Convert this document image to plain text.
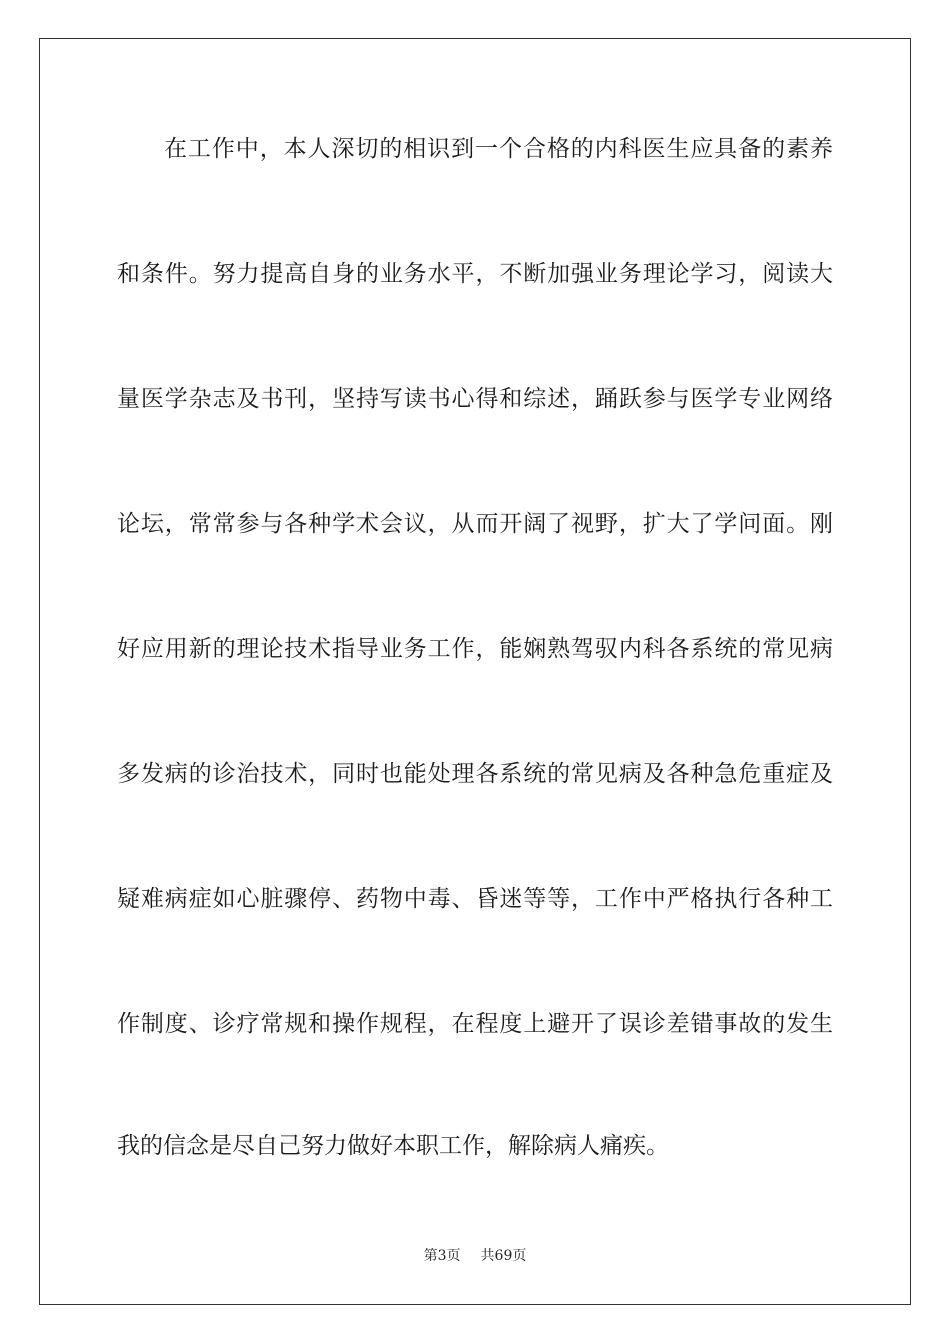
在工作中，本人深切的相识到一个合格的内科医生应具备的素养
和条件。努力提高自身的业务水平，不断加强业务理论学习，阅读大
量医学杂志及书刊，坚持写读书心得和综述，踊跃参与医学专业网络
论坛，常常参与各种学术会议，从而开阔了视野，扩大了学问面。刚
好应用新的理论技术指导业务工作，能娴熟驾驭内科各系统的常见病
多发病的诊治技术，同时也能处理各系统的常见病及各种急危重症及
疑难病症如心脏骤停、药物中毒、昏迷等等，工作中严格执行各种工
作制度、诊疗常规和操作规程，在程度上避开了误诊差错事故的发生
我的信念是尽自己努力做好本职工作，解除病人痛疾。
第3页 共69页
